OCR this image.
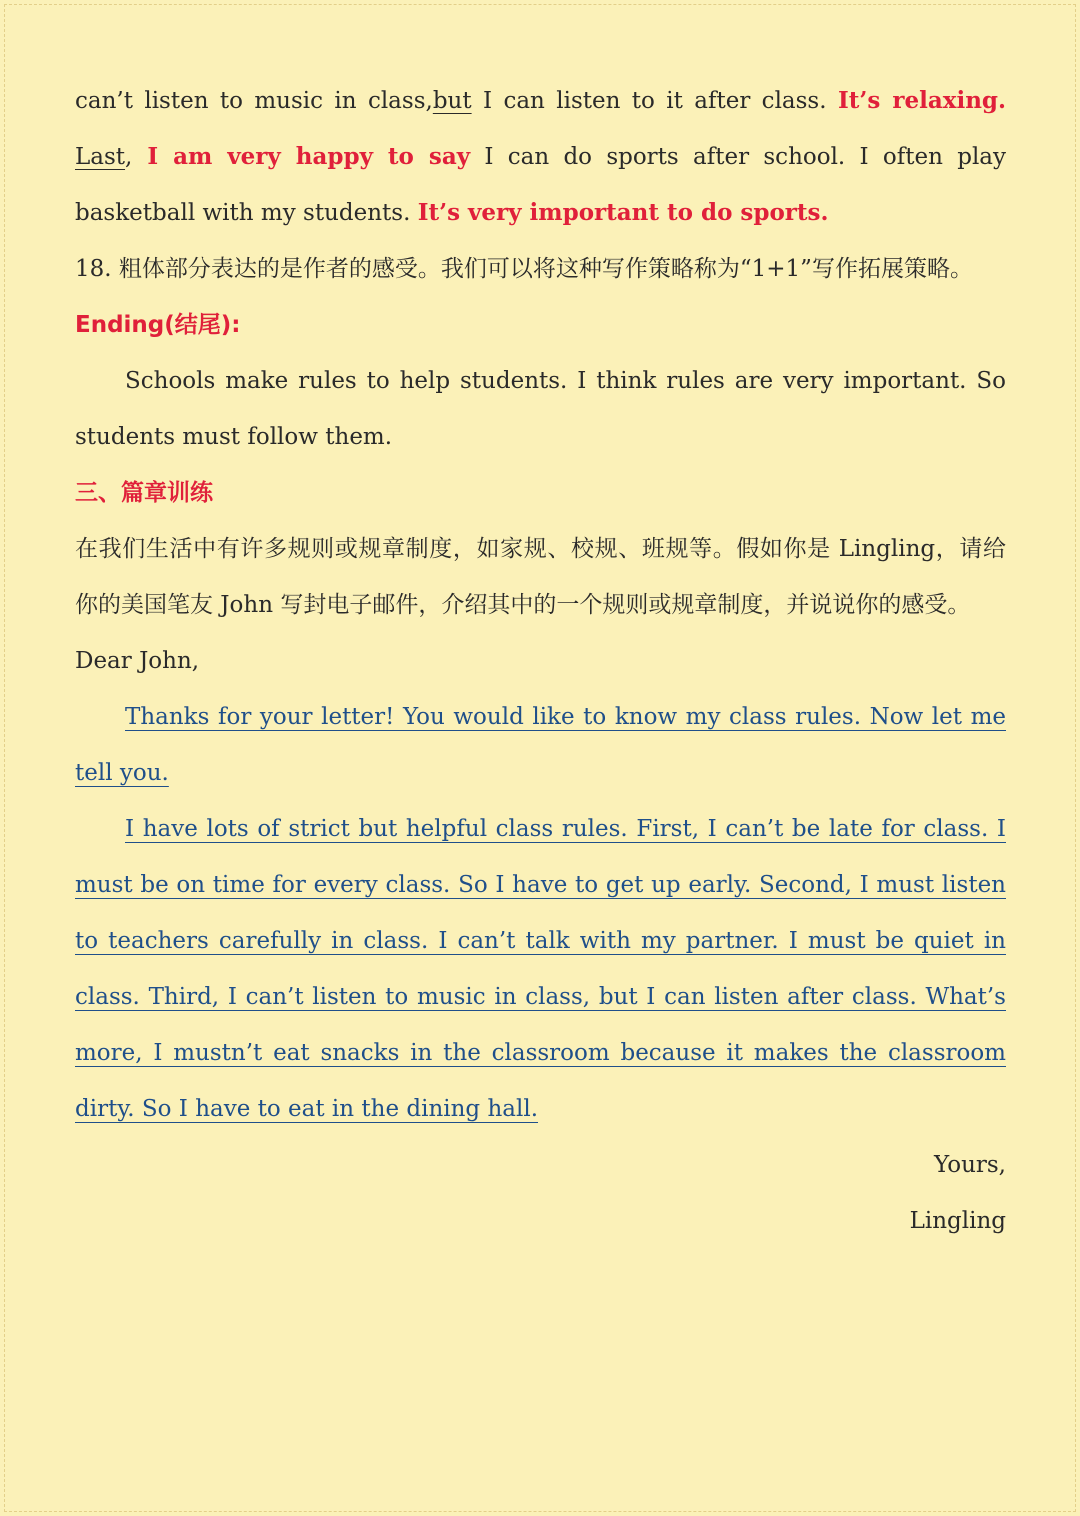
can’t listen to music in class,but I can listen to it after class. It’s relaxing. Last, I am very happy to say I can do sports after school. I often play basketball with my students. It’s very important to do sports.

18. 粗体部分表达的是作者的感受。我们可以将这种写作策略称为“1+1”写作拓展策略。

Ending(结尾):

Schools make rules to help students. I think rules are very important. So students must follow them.

三、篇章训练

在我们生活中有许多规则或规章制度，如家规、校规、班规等。假如你是 Lingling，请给你的美国笔友 John 写封电子邮件，介绍其中的一个规则或规章制度，并说说你的感受。

Dear John,

Thanks for your letter! You would like to know my class rules. Now let me tell you.

I have lots of strict but helpful class rules. First, I can’t be late for class. I must be on time for every class. So I have to get up early. Second, I must listen to teachers carefully in class. I can’t talk with my partner. I must be quiet in class. Third, I can’t listen to music in class, but I can listen after class. What’s more, I mustn’t eat snacks in the classroom because it makes the classroom dirty. So I have to eat in the dining hall.

Yours,

Lingling
